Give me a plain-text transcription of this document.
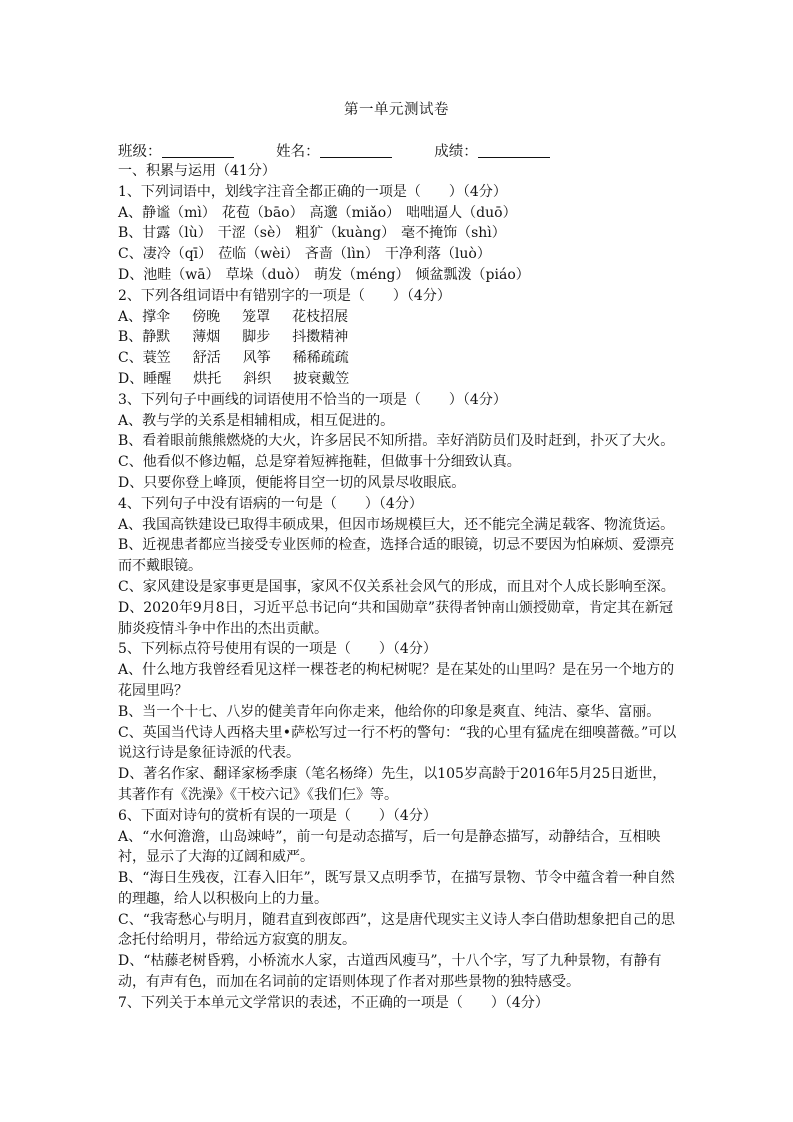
第一单元测试卷
班级：	姓名：	成绩：
一、积累与运用（41分）
1、下列词语中，划线字注音全都正确的一项是（　　）（4分）
A、静谧（mì） 花苞（bāo） 高邈（miǎo） 咄咄逼人（duō）
B、甘露（lù） 干涩（sè） 粗犷（kuàng） 毫不掩饰（shì）
C、凄冷（qī） 莅临（wèi） 吝啬（lìn） 干净利落（luò）
D、池畦（wā） 草垛（duò） 萌发（méng） 倾盆瓢泼（piáo）
2、下列各组词语中有错别字的一项是（　　）（4分）
A、撑伞 傍晚 笼罩 花枝招展
B、静默 薄烟 脚步 抖擞精神
C、蓑笠 舒活 风筝 稀稀疏疏
D、睡醒 烘托 斜织 披衰戴笠
3、下列句子中画线的词语使用不恰当的一项是（　　）（4分）
A、教与学的关系是相辅相成，相互促进的。
B、看着眼前熊熊燃烧的大火，许多居民不知所措。幸好消防员们及时赶到，扑灭了大火。
C、他看似不修边幅，总是穿着短裤拖鞋，但做事十分细致认真。
D、只要你登上峰顶，便能将目空一切的风景尽收眼底。
4、下列句子中没有语病的一句是（　　）（4分）
A、我国高铁建设已取得丰硕成果，但因市场规模巨大，还不能完全满足载客、物流货运。
B、近视患者都应当接受专业医师的检查，选择合适的眼镜，切忌不要因为怕麻烦、爱漂亮而不戴眼镜。
C、家风建设是家事更是国事，家风不仅关系社会风气的形成，而且对个人成长影响至深。
D、2020年9月8日，习近平总书记向“共和国勋章”获得者钟南山颁授勋章，肯定其在新冠肺炎疫情斗争中作出的杰出贡献。
5、下列标点符号使用有误的一项是（　　）（4分）
A、什么地方我曾经看见这样一棵苍老的枸杞树呢？是在某处的山里吗？是在另一个地方的花园里吗？
B、当一个十七、八岁的健美青年向你走来，他给你的印象是爽直、纯洁、豪华、富丽。
C、英国当代诗人西格夫里•萨松写过一行不朽的警句：“我的心里有猛虎在细嗅蔷薇。”可以说这行诗是象征诗派的代表。
D、著名作家、翻译家杨季康（笔名杨绛）先生，以105岁高龄于2016年5月25日逝世，其著作有《洗澡》《干校六记》《我们仨》等。
6、下面对诗句的赏析有误的一项是（　　）（4分）
A、“水何澹澹，山岛竦峙”，前一句是动态描写，后一句是静态描写，动静结合，互相映衬，显示了大海的辽阔和威严。
B、“海日生残夜，江春入旧年”，既写景又点明季节，在描写景物、节令中蕴含着一种自然的理趣，给人以积极向上的力量。
C、“我寄愁心与明月，随君直到夜郎西”，这是唐代现实主义诗人李白借助想象把自己的思念托付给明月，带给远方寂寞的朋友。
D、“枯藤老树昏鸦，小桥流水人家，古道西风瘦马”，十八个字，写了九种景物，有静有动，有声有色，而加在名词前的定语则体现了作者对那些景物的独特感受。
7、下列关于本单元文学常识的表述，不正确的一项是（　　）（4分）
